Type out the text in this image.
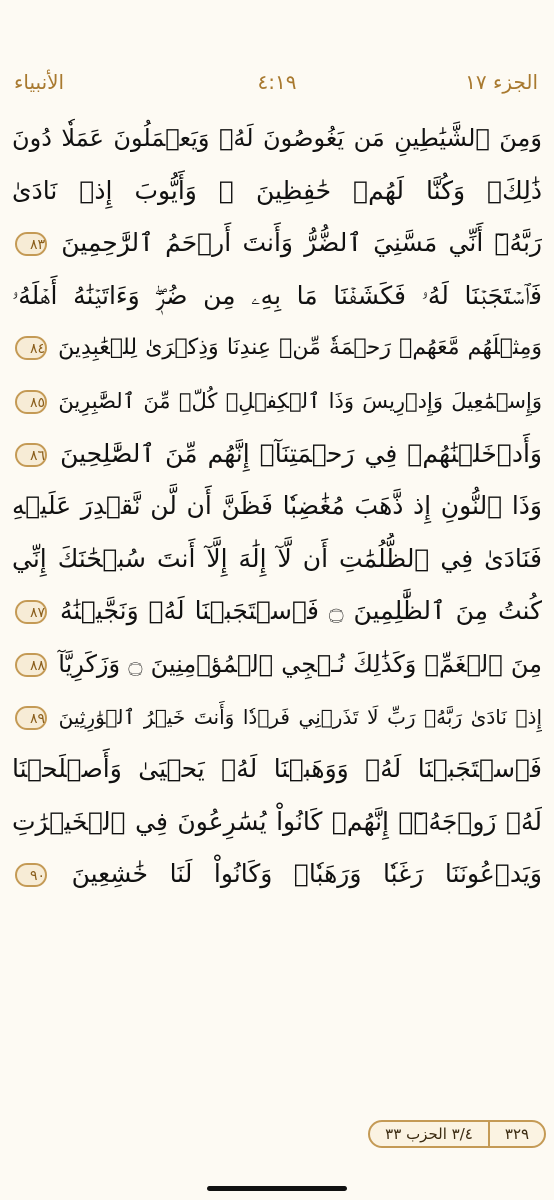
الأنبياء	٤:١٩	الجزء ١٧
وَمِنَ ٱلشَّيَٰطِينِ مَن يَغُوصُونَ لَهُۥ وَيَعۡمَلُونَ عَمَلٗا دُونَ
ذَٰلِكَۖ وَكُنَّا لَهُمۡ حَٰفِظِينَ ۞ وَأَيُّوبَ إِذۡ نَادَىٰ
رَبَّهُۥٓ أَنِّي مَسَّنِيَ ٱلضُّرُّ وَأَنتَ أَرۡحَمُ ٱلرَّٰحِمِينَ ٨٣
فَٱسۡتَجَبۡنَا لَهُۥ فَكَشَفۡنَا مَا بِهِۦ مِن ضُرّٖۖ وَءَاتَيۡنَٰهُ أَهۡلَهُۥ
وَمِثۡلَهُم مَّعَهُمۡ رَحۡمَةٗ مِّنۡ عِندِنَا وَذِكۡرَىٰ لِلۡعَٰبِدِينَ ٨٤
وَإِسۡمَٰعِيلَ وَإِدۡرِيسَ وَذَا ٱلۡكِفۡلِۖ كُلّٞ مِّنَ ٱلصَّٰبِرِينَ ٨٥
وَأَدۡخَلۡنَٰهُمۡ فِي رَحۡمَتِنَآۖ إِنَّهُم مِّنَ ٱلصَّٰلِحِينَ ٨٦
وَذَا ٱلنُّونِ إِذ ذَّهَبَ مُغَٰضِبٗا فَظَنَّ أَن لَّن نَّقۡدِرَ عَلَيۡهِ
فَنَادَىٰ فِي ٱلظُّلُمَٰتِ أَن لَّآ إِلَٰهَ إِلَّآ أَنتَ سُبۡحَٰنَكَ إِنِّي
كُنتُ مِنَ ٱلظَّٰلِمِينَ ۝ فَٱسۡتَجَبۡنَا لَهُۥ وَنَجَّيۡنَٰهُ ٨٧
مِنَ ٱلۡغَمِّۚ وَكَذَٰلِكَ نُـۨجِي ٱلۡمُؤۡمِنِينَ ۝ وَزَكَرِيَّآ ٨٨
إِذۡ نَادَىٰ رَبَّهُۥ رَبِّ لَا تَذَرۡنِي فَرۡدٗا وَأَنتَ خَيۡرُ ٱلۡوَٰرِثِينَ ٨٩
فَٱسۡتَجَبۡنَا لَهُۥ وَوَهَبۡنَا لَهُۥ يَحۡيَىٰ وَأَصۡلَحۡنَا
لَهُۥ زَوۡجَهُۥٓۚ إِنَّهُمۡ كَانُواْ يُسَٰرِعُونَ فِي ٱلۡخَيۡرَٰتِ
وَيَدۡعُونَنَا رَغَبٗا وَرَهَبٗاۖ وَكَانُواْ لَنَا خَٰشِعِينَ ٩٠
٣٢٩
٣/٤ الحزب ٣٣
